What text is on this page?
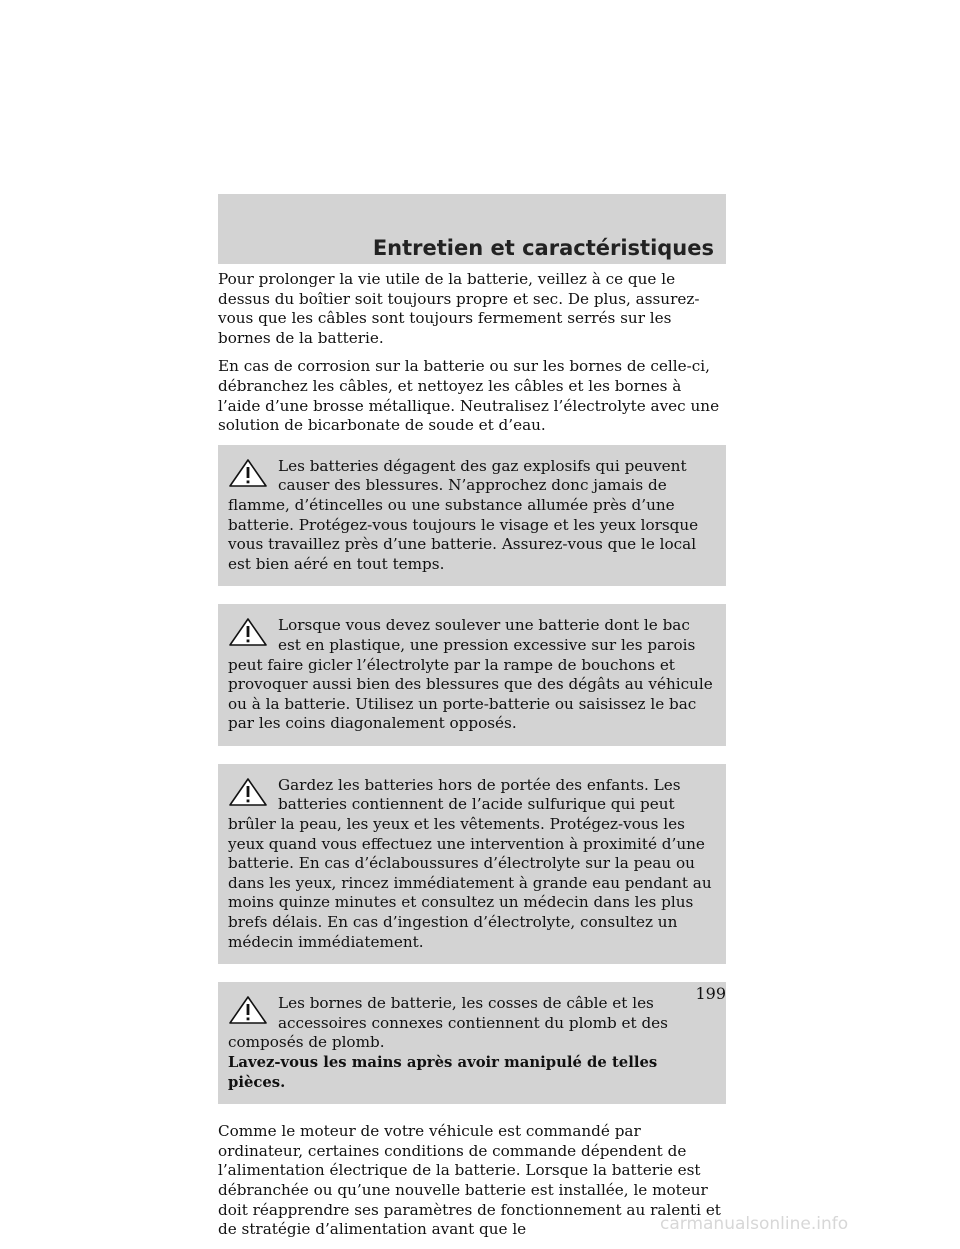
Entretien et caractéristiques

Pour prolonger la vie utile de la batterie, veillez à ce que le dessus du boîtier soit toujours propre et sec. De plus, assurez-vous que les câbles sont toujours fermement serrés sur les bornes de la batterie.

En cas de corrosion sur la batterie ou sur les bornes de celle-ci, débranchez les câbles, et nettoyez les câbles et les bornes à l’aide d’une brosse métallique. Neutralisez l’électrolyte avec une solution de bicarbonate de soude et d’eau.

Les batteries dégagent des gaz explosifs qui peuvent causer des blessures. N’approchez donc jamais de flamme, d’étincelles ou une substance allumée près d’une batterie. Protégez-vous toujours le visage et les yeux lorsque vous travaillez près d’une batterie. Assurez-vous que le local est bien aéré en tout temps.

Lorsque vous devez soulever une batterie dont le bac est en plastique, une pression excessive sur les parois peut faire gicler l’électrolyte par la rampe de bouchons et provoquer aussi bien des blessures que des dégâts au véhicule ou à la batterie. Utilisez un porte-batterie ou saisissez le bac par les coins diagonalement opposés.

Gardez les batteries hors de portée des enfants. Les batteries contiennent de l’acide sulfurique qui peut brûler la peau, les yeux et les vêtements. Protégez-vous les yeux quand vous effectuez une intervention à proximité d’une batterie. En cas d’éclaboussures d’électrolyte sur la peau ou dans les yeux, rincez immédiatement à grande eau pendant au moins quinze minutes et consultez un médecin dans les plus brefs délais. En cas d’ingestion d’électrolyte, consultez un médecin immédiatement.

Les bornes de batterie, les cosses de câble et les accessoires connexes contiennent du plomb et des composés de plomb.
Lavez-vous les mains après avoir manipulé de telles pièces.

Comme le moteur de votre véhicule est commandé par ordinateur, certaines conditions de commande dépendent de l’alimentation électrique de la batterie. Lorsque la batterie est débranchée ou qu’une nouvelle batterie est installée, le moteur doit réapprendre ses paramètres de fonctionnement au ralenti et de stratégie d’alimentation avant que le

199
carmanualsonline.info
